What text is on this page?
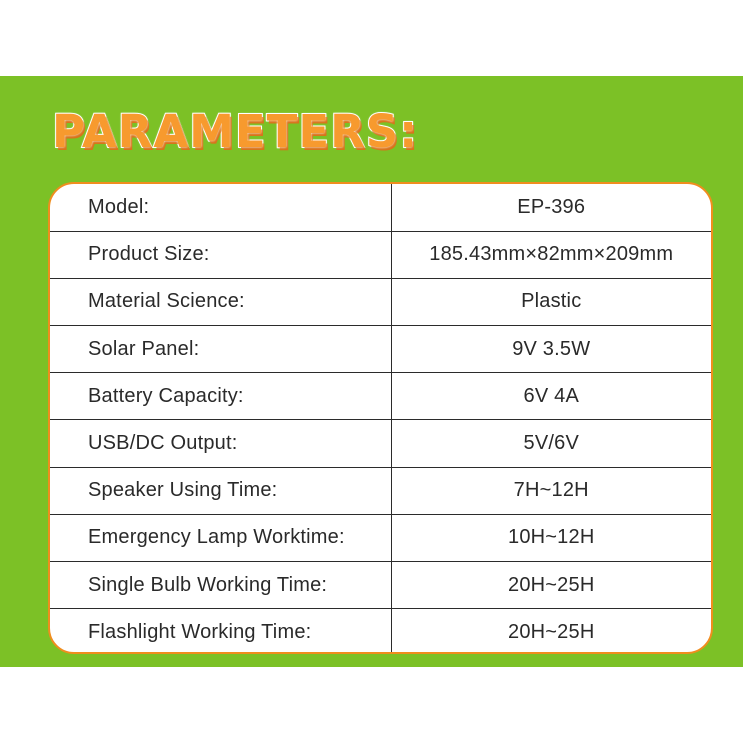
PARAMETERS:
Model:	EP-396
Product Size:	185.43mm×82mm×209mm
Material Science:	Plastic
Solar Panel:	9V 3.5W
Battery Capacity:	6V 4A
USB/DC Output:	5V/6V
Speaker Using Time:	7H~12H
Emergency Lamp Worktime:	10H~12H
Single Bulb Working Time:	20H~25H
Flashlight Working Time:	20H~25H
